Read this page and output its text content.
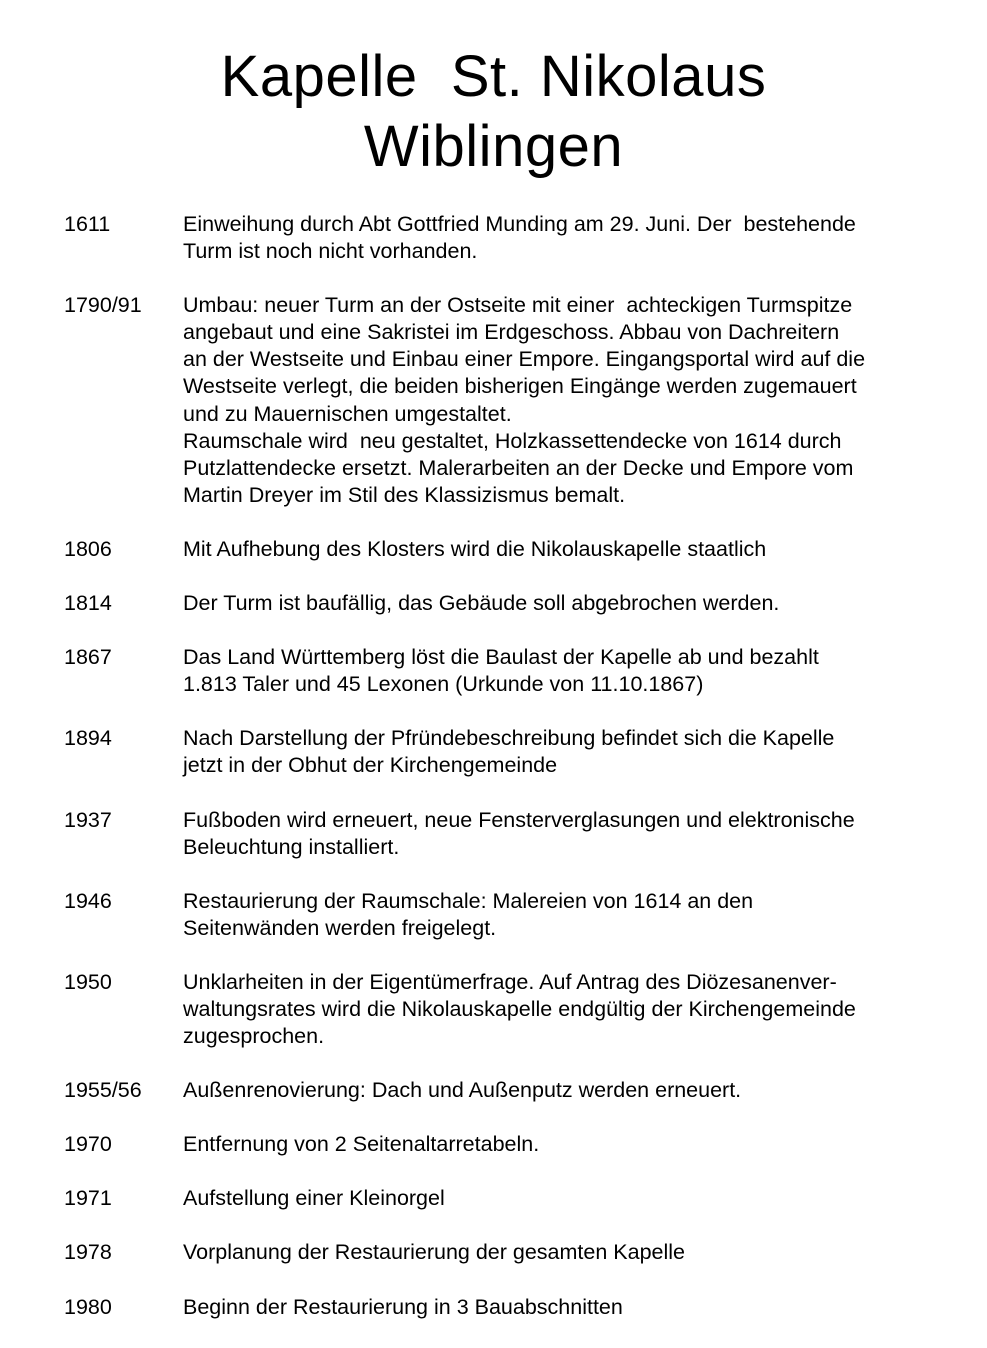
Kapelle  St. Nikolaus
Wiblingen
1611	Einweihung durch Abt Gottfried Munding am 29. Juni. Der  bestehende
Turm ist noch nicht vorhanden.
1790/91 Umbau: neuer Turm an der Ostseite mit einer  achteckigen Turmspitze
angebaut und eine Sakristei im Erdgeschoss. Abbau von Dachreitern
an der Westseite und Einbau einer Empore. Eingangsportal wird auf die
Westseite verlegt, die beiden bisherigen Eingänge werden zugemauert
und zu Mauernischen umgestaltet.
Raumschale wird  neu gestaltet, Holzkassettendecke von 1614 durch
Putzlattendecke ersetzt. Malerarbeiten an der Decke und Empore vom
Martin Dreyer im Stil des Klassizismus bemalt.
1806	Mit Aufhebung des Klosters wird die Nikolauskapelle staatlich
1814	Der Turm ist baufällig, das Gebäude soll abgebrochen werden.
1867	Das Land Württemberg löst die Baulast der Kapelle ab und bezahlt
1.813 Taler und 45 Lexonen (Urkunde von 11.10.1867)
1894	Nach Darstellung der Pfründebeschreibung befindet sich die Kapelle
jetzt in der Obhut der Kirchengemeinde
1937	Fußboden wird erneuert, neue Fensterverglasungen und elektronische
Beleuchtung installiert.
1946	Restaurierung der Raumschale: Malereien von 1614 an den
Seitenwänden werden freigelegt.
1950	Unklarheiten in der Eigentümerfrage. Auf Antrag des Diözesanenver-
waltungsrates wird die Nikolauskapelle endgültig der Kirchengemeinde
zugesprochen.
1955/56 Außenrenovierung: Dach und Außenputz werden erneuert.
1970	Entfernung von 2 Seitenaltarretabeln.
1971	Aufstellung einer Kleinorgel
1978	Vorplanung der Restaurierung der gesamten Kapelle
1980	Beginn der Restaurierung in 3 Bauabschnitten
